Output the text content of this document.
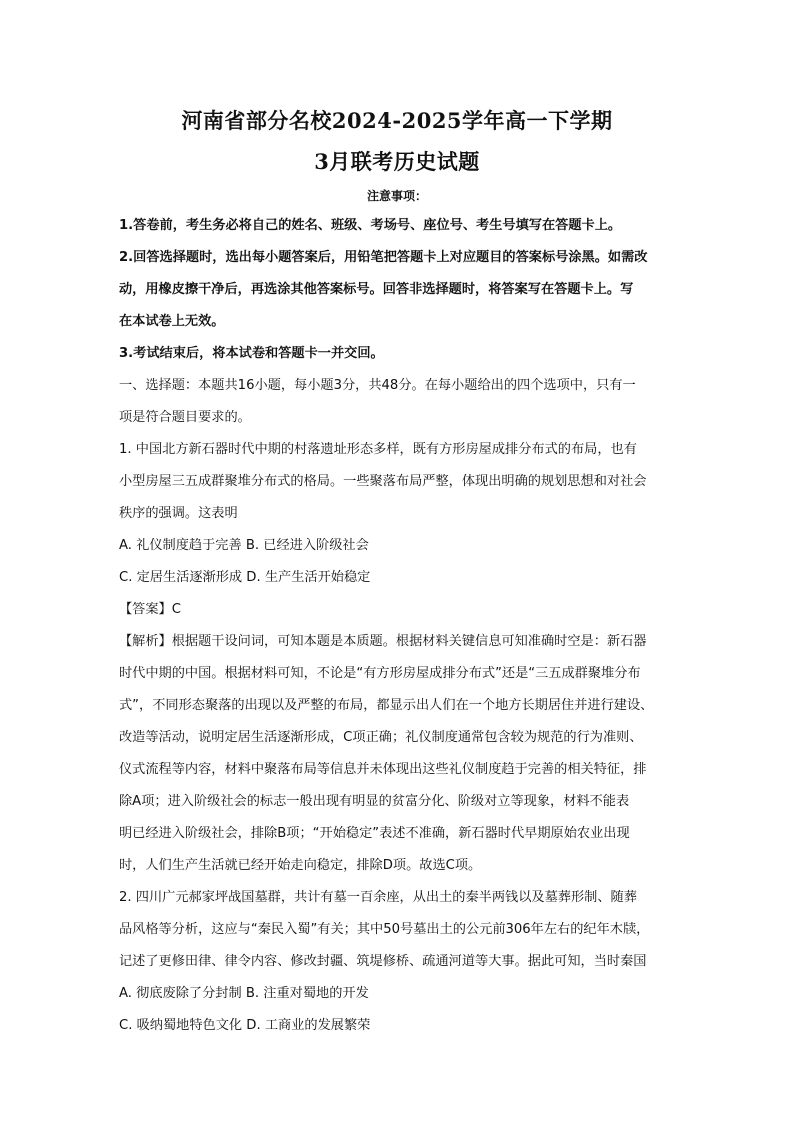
河南省部分名校2024-2025学年高一下学期
3月联考历史试题
注意事项：
1.答卷前，考生务必将自己的姓名、班级、考场号、座位号、考生号填写在答题卡上。
2.回答选择题时，选出每小题答案后，用铅笔把答题卡上对应题目的答案标号涂黑。如需改
动，用橡皮擦干净后，再选涂其他答案标号。回答非选择题时，将答案写在答题卡上。写
在本试卷上无效。
3.考试结束后，将本试卷和答题卡一并交回。
一、选择题：本题共16小题，每小题3分，共48分。在每小题给出的四个选项中，只有一
项是符合题目要求的。
1. 中国北方新石器时代中期的村落遗址形态多样，既有方形房屋成排分布式的布局，也有
小型房屋三五成群聚堆分布式的格局。一些聚落布局严整，体现出明确的规划思想和对社会
秩序的强调。这表明
A. 礼仪制度趋于完善 B. 已经进入阶级社会
C. 定居生活逐渐形成 D. 生产生活开始稳定
【答案】C
【解析】根据题干设问词，可知本题是本质题。根据材料关键信息可知准确时空是：新石器
时代中期的中国。根据材料可知，不论是“有方形房屋成排分布式”还是“三五成群聚堆分布
式”，不同形态聚落的出现以及严整的布局，都显示出人们在一个地方长期居住并进行建设、
改造等活动，说明定居生活逐渐形成，C项正确；礼仪制度通常包含较为规范的行为准则、
仪式流程等内容，材料中聚落布局等信息并未体现出这些礼仪制度趋于完善的相关特征，排
除A项；进入阶级社会的标志一般出现有明显的贫富分化、阶级对立等现象，材料不能表
明已经进入阶级社会，排除B项；“开始稳定”表述不准确，新石器时代早期原始农业出现
时，人们生产生活就已经开始走向稳定，排除D项。故选C项。
2. 四川广元郝家坪战国墓群，共计有墓一百余座，从出土的秦半两钱以及墓葬形制、随葬
品风格等分析，这应与“秦民入蜀”有关；其中50号墓出土的公元前306年左右的纪年木牍，
记述了更修田律、律令内容、修改封疆、筑堤修桥、疏通河道等大事。据此可知，当时秦国
A. 彻底废除了分封制 B. 注重对蜀地的开发
C. 吸纳蜀地特色文化 D. 工商业的发展繁荣
